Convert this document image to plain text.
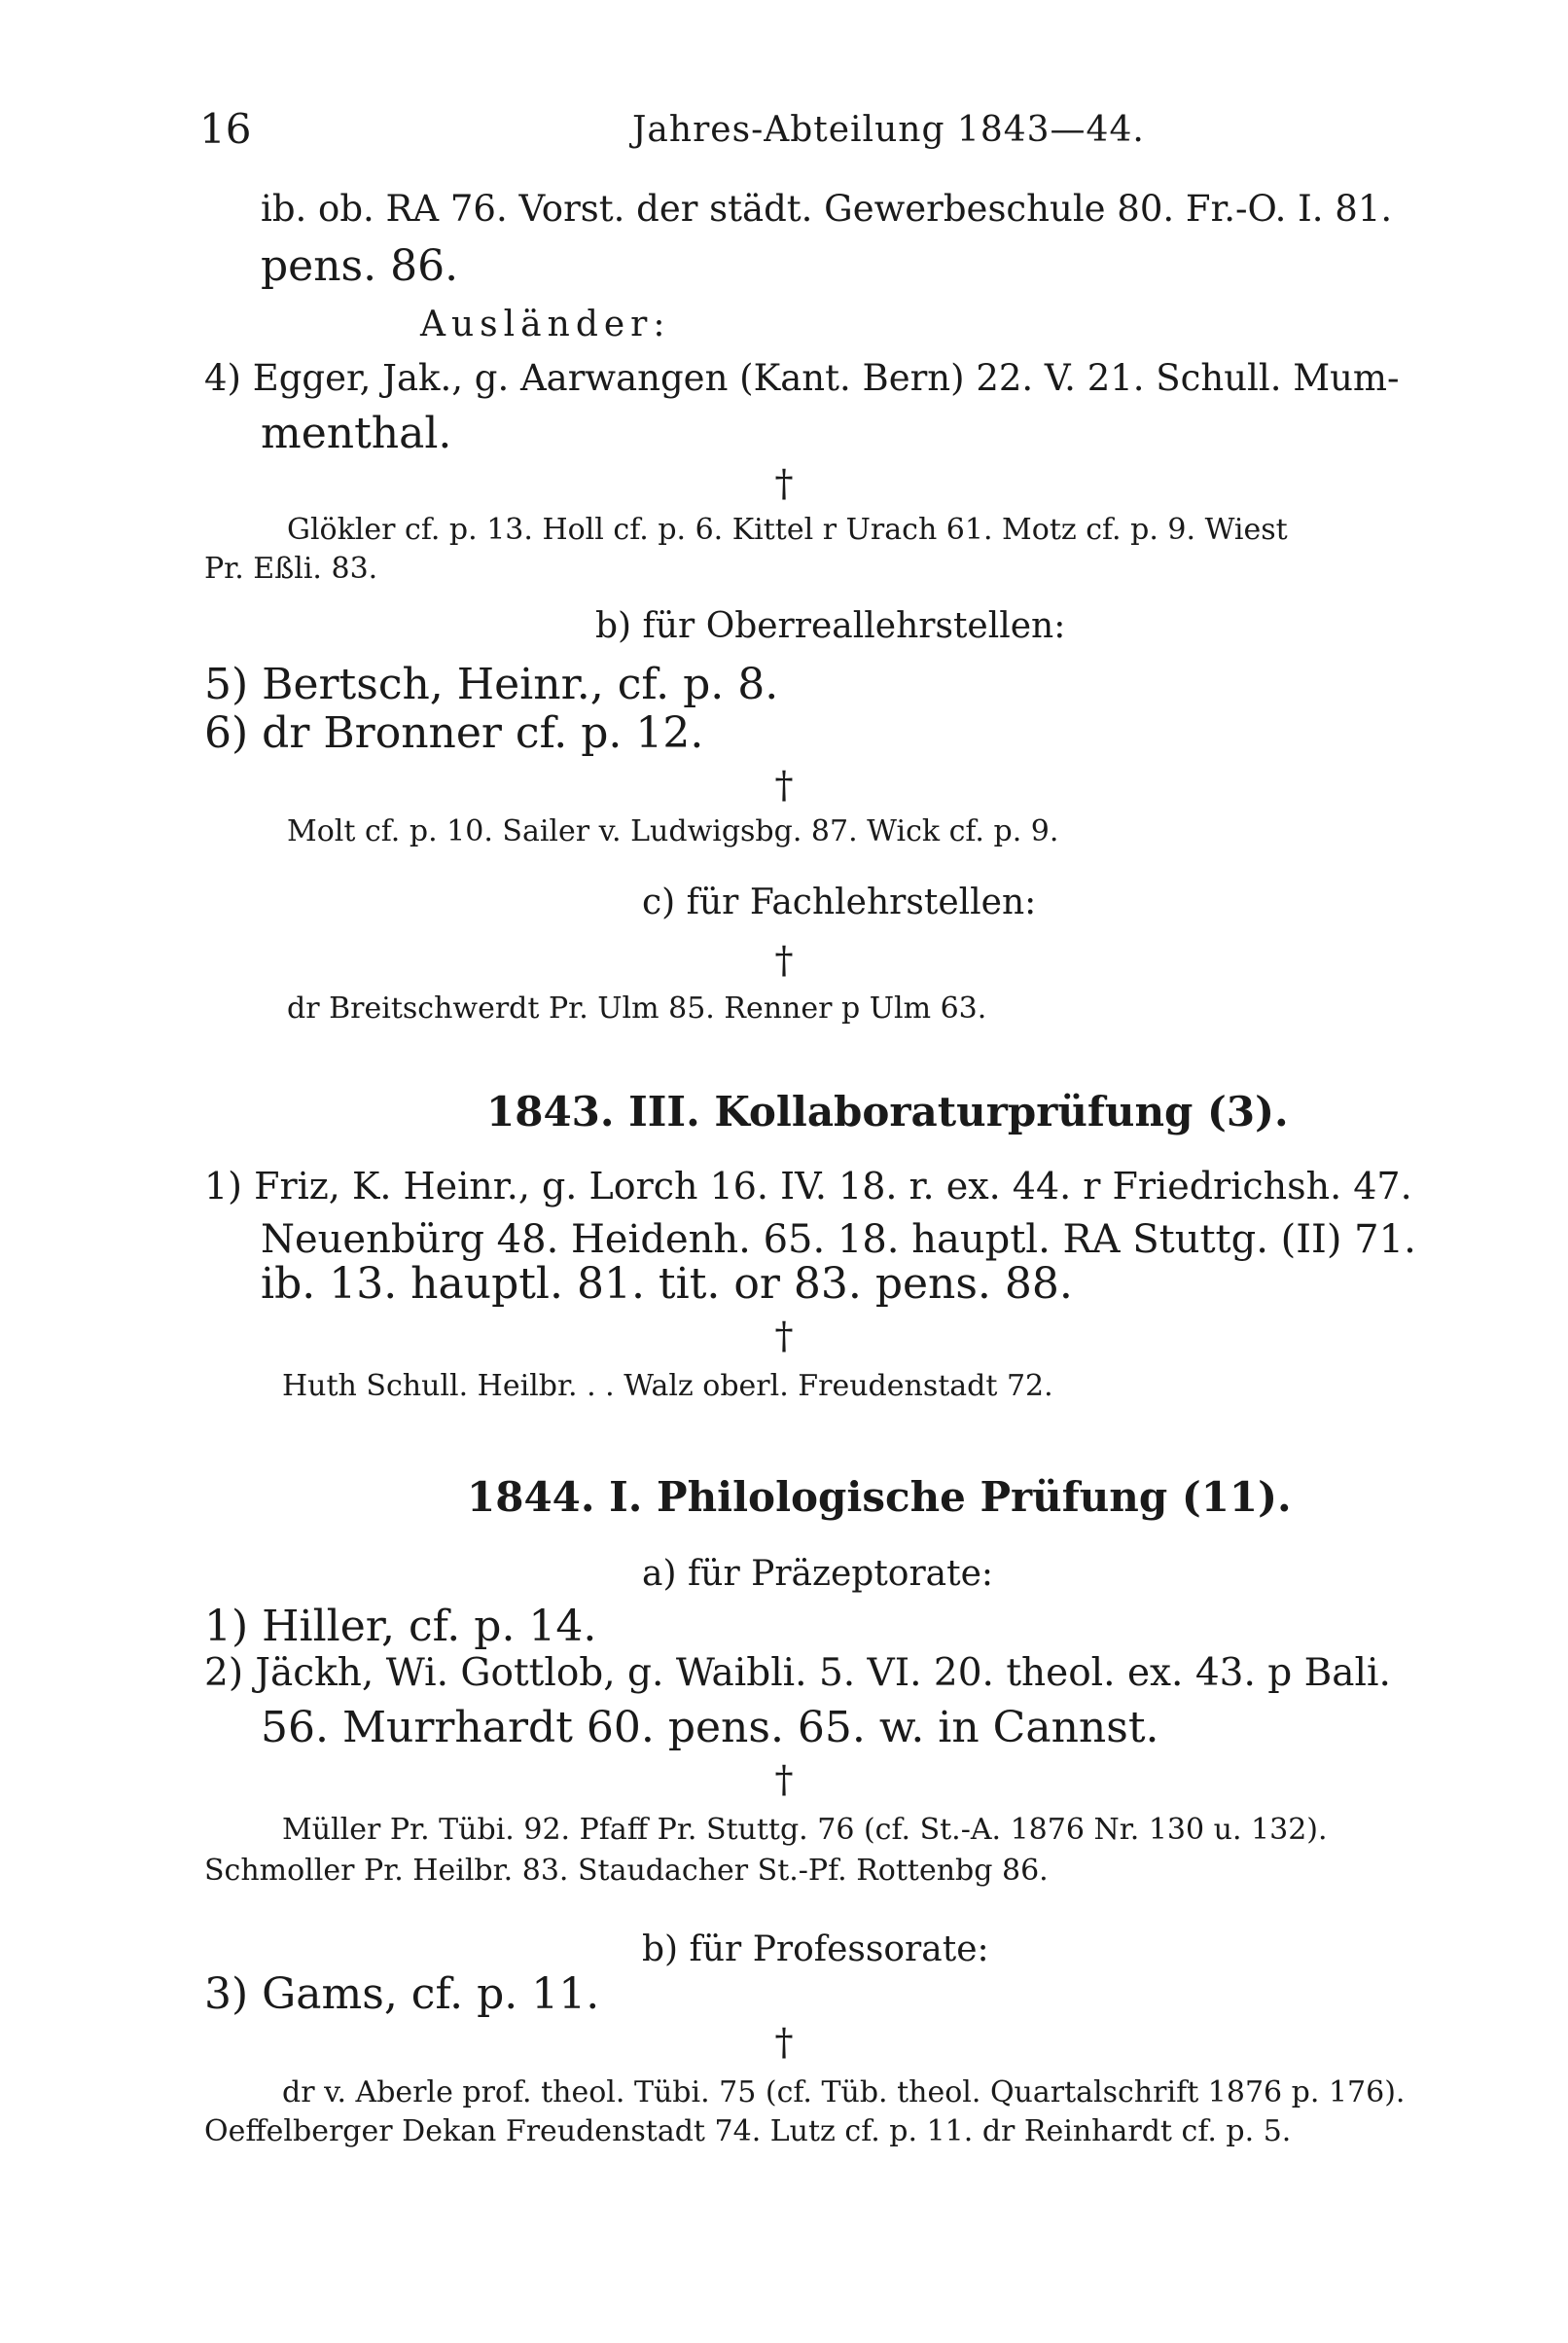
16	Jahres-Abteilung 1843—44.
ib. ob. RA 76. Vorst. der städt. Gewerbeschule 80. Fr.-O. I. 81.
pens. 86.
Ausländer:
4) Egger, Jak., g. Aarwangen (Kant. Bern) 22. V. 21. Schull. Mum-
menthal.
†
Glökler cf. p. 13. Holl cf. p. 6. Kittel r Urach 61. Motz cf. p. 9. Wiest
Pr. Eßli. 83.
b) für Oberreallehrstellen:
5) Bertsch, Heinr., cf. p. 8.
6) dr Bronner cf. p. 12.
†
Molt cf. p. 10. Sailer v. Ludwigsbg. 87. Wick cf. p. 9.
c) für Fachlehrstellen:
†
dr Breitschwerdt Pr. Ulm 85. Renner p Ulm 63.
1843. III. Kollaboraturprüfung (3).
1) Friz, K. Heinr., g. Lorch 16. IV. 18. r. ex. 44. r Friedrichsh. 47.
Neuenbürg 48. Heidenh. 65. 18. hauptl. RA Stuttg. (II) 71.
ib. 13. hauptl. 81. tit. or 83. pens. 88.
†
Huth Schull. Heilbr. . . Walz oberl. Freudenstadt 72.
1844. I. Philologische Prüfung (11).
a) für Präzeptorate:
1) Hiller, cf. p. 14.
2) Jäckh, Wi. Gottlob, g. Waibli. 5. VI. 20. theol. ex. 43. p Bali.
56. Murrhardt 60. pens. 65. w. in Cannst.
†
Müller Pr. Tübi. 92. Pfaff Pr. Stuttg. 76 (cf. St.-A. 1876 Nr. 130 u. 132).
Schmoller Pr. Heilbr. 83. Staudacher St.-Pf. Rottenbg 86.
b) für Professorate:
3) Gams, cf. p. 11.
†
dr v. Aberle prof. theol. Tübi. 75 (cf. Tüb. theol. Quartalschrift 1876 p. 176).
Oeffelberger Dekan Freudenstadt 74. Lutz cf. p. 11. dr Reinhardt cf. p. 5.
